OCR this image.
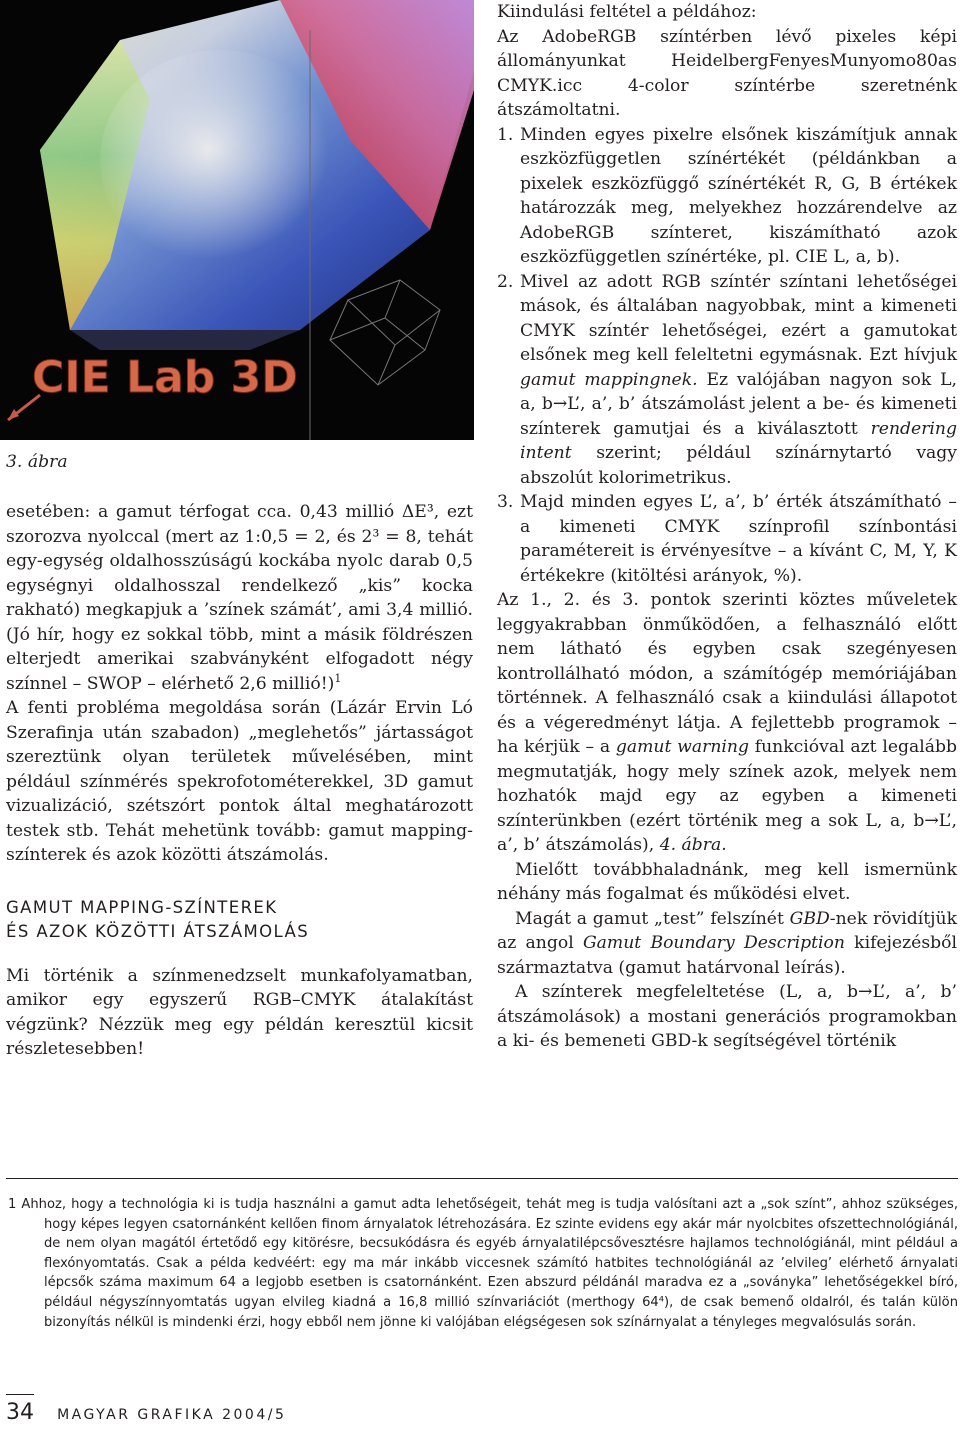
CIE Lab 3D
3. ábra

esetében: a gamut térfogat cca. 0,43 millió ΔE³, ezt szorozva nyolccal (mert az 1:0,5 = 2, és 2³ = 8, tehát egy-egység oldalhosszúságú kockába nyolc darab 0,5 egységnyi oldalhosszal rendelkező „kis” kocka rakható) megkapjuk a ’színek számát’, ami 3,4 millió. (Jó hír, hogy ez sokkal több, mint a másik földrészen elterjedt amerikai szabványként elfogadott négy színnel – SWOP – elérhető 2,6 millió!)$^1$

A fenti probléma megoldása során (Lázár Ervin Ló Szerafinja után szabadon) „meglehetős” jártasságot szereztünk olyan területek művelésében, mint például színmérés spekrofotométerekkel, 3D gamut vizualizáció, szétszórt pontok által meghatározott testek stb. Tehát mehetünk tovább: gamut mapping-színterek és azok közötti átszámolás.

GAMUT MAPPING-SZÍNTEREK
ÉS AZOK KÖZÖTTI ÁTSZÁMOLÁS

Mi történik a színmenedzselt munkafolyamatban, amikor egy egyszerű RGB–CMYK átalakítást végzünk? Nézzük meg egy példán keresztül kicsit részletesebben!

Kiindulási feltétel a példához:

Az AdobeRGB színtérben lévő pixeles képi állományunkat HeidelbergFenyesMunyomo80as CMYK.icc 4-color színtérbe szeretnénk átszámoltatni.

1. Minden egyes pixelre elsőnek kiszámítjuk annak eszközfüggetlen színértékét (példánkban a pixelek eszközfüggő színértékét R, G, B értékek határozzák meg, melyekhez hozzárendelve az AdobeRGB színteret, kiszámítható azok eszközfüggetlen színértéke, pl. CIE L, a, b).
2. Mivel az adott RGB színtér színtani lehetőségei mások, és általában nagyobbak, mint a kimeneti CMYK színtér lehetőségei, ezért a gamutokat elsőnek meg kell feleltetni egymásnak. Ezt hívjuk gamut mappingnek. Ez valójában nagyon sok L, a, b→L’, a’, b’ átszámolást jelent a be- és kimeneti színterek gamutjai és a kiválasztott rendering intent szerint; például színárnytartó vagy abszolút kolorimetrikus.
3. Majd minden egyes L’, a’, b’ érték átszámítható – a kimeneti CMYK színprofil színbontási paramétereit is érvényesítve – a kívánt C, M, Y, K értékekre (kitöltési arányok, %).

Az 1., 2. és 3. pontok szerinti köztes műveletek leggyakrabban önműködően, a felhasználó előtt nem látható és egyben csak szegényesen kontrollálható módon, a számítógép memóriájában történnek. A felhasználó csak a kiindulási állapotot és a végeredményt látja. A fejlettebb programok – ha kérjük – a gamut warning funkcióval azt legalább megmutatják, hogy mely színek azok, melyek nem hozhatók majd egy az egyben a kimeneti színterünkben (ezért történik meg a sok L, a, b→L’, a’, b’ átszámolás), 4. ábra.

Mielőtt továbbhaladnánk, meg kell ismernünk néhány más fogalmat és működési elvet.

Magát a gamut „test” felszínét GBD-nek rövidítjük az angol Gamut Boundary Description kifejezésből származtatva (gamut határvonal leírás).

A színterek megfeleltetése (L, a, b→L’, a’, b’ átszámolások) a mostani generációs programokban a ki- és bemeneti GBD-k segítségével történik

1 Ahhoz, hogy a technológia ki is tudja használni a gamut adta lehetőségeit, tehát meg is tudja valósítani azt a „sok színt”, ahhoz szükséges, hogy képes legyen csatornánként kellően finom árnyalatok létrehozására. Ez szinte evidens egy akár már nyolcbites ofszettechnológiánál, de nem olyan magától értetődő egy kitörésre, becsukódásra és egyéb árnyalatilépcsővesztésre hajlamos technológiánál, mint például a flexónyomtatás. Csak a példa kedvéért: egy ma már inkább viccesnek számító hatbites technológiánál az ’elvileg’ elérhető árnyalati lépcsők száma maximum 64 a legjobb esetben is csatornánként. Ezen abszurd példánál maradva ez a „soványka” lehetőségekkel bíró, például négyszínnyomtatás ugyan elvileg kiadná a 16,8 millió színvariációt (merthogy 64⁴), de csak bemenő oldalról, és talán külön bizonyítás nélkül is mindenki érzi, hogy ebből nem jönne ki valójában elégségesen sok színárnyalat a tényleges megvalósulás során.

34 MAGYAR GRAFIKA 2004/5
